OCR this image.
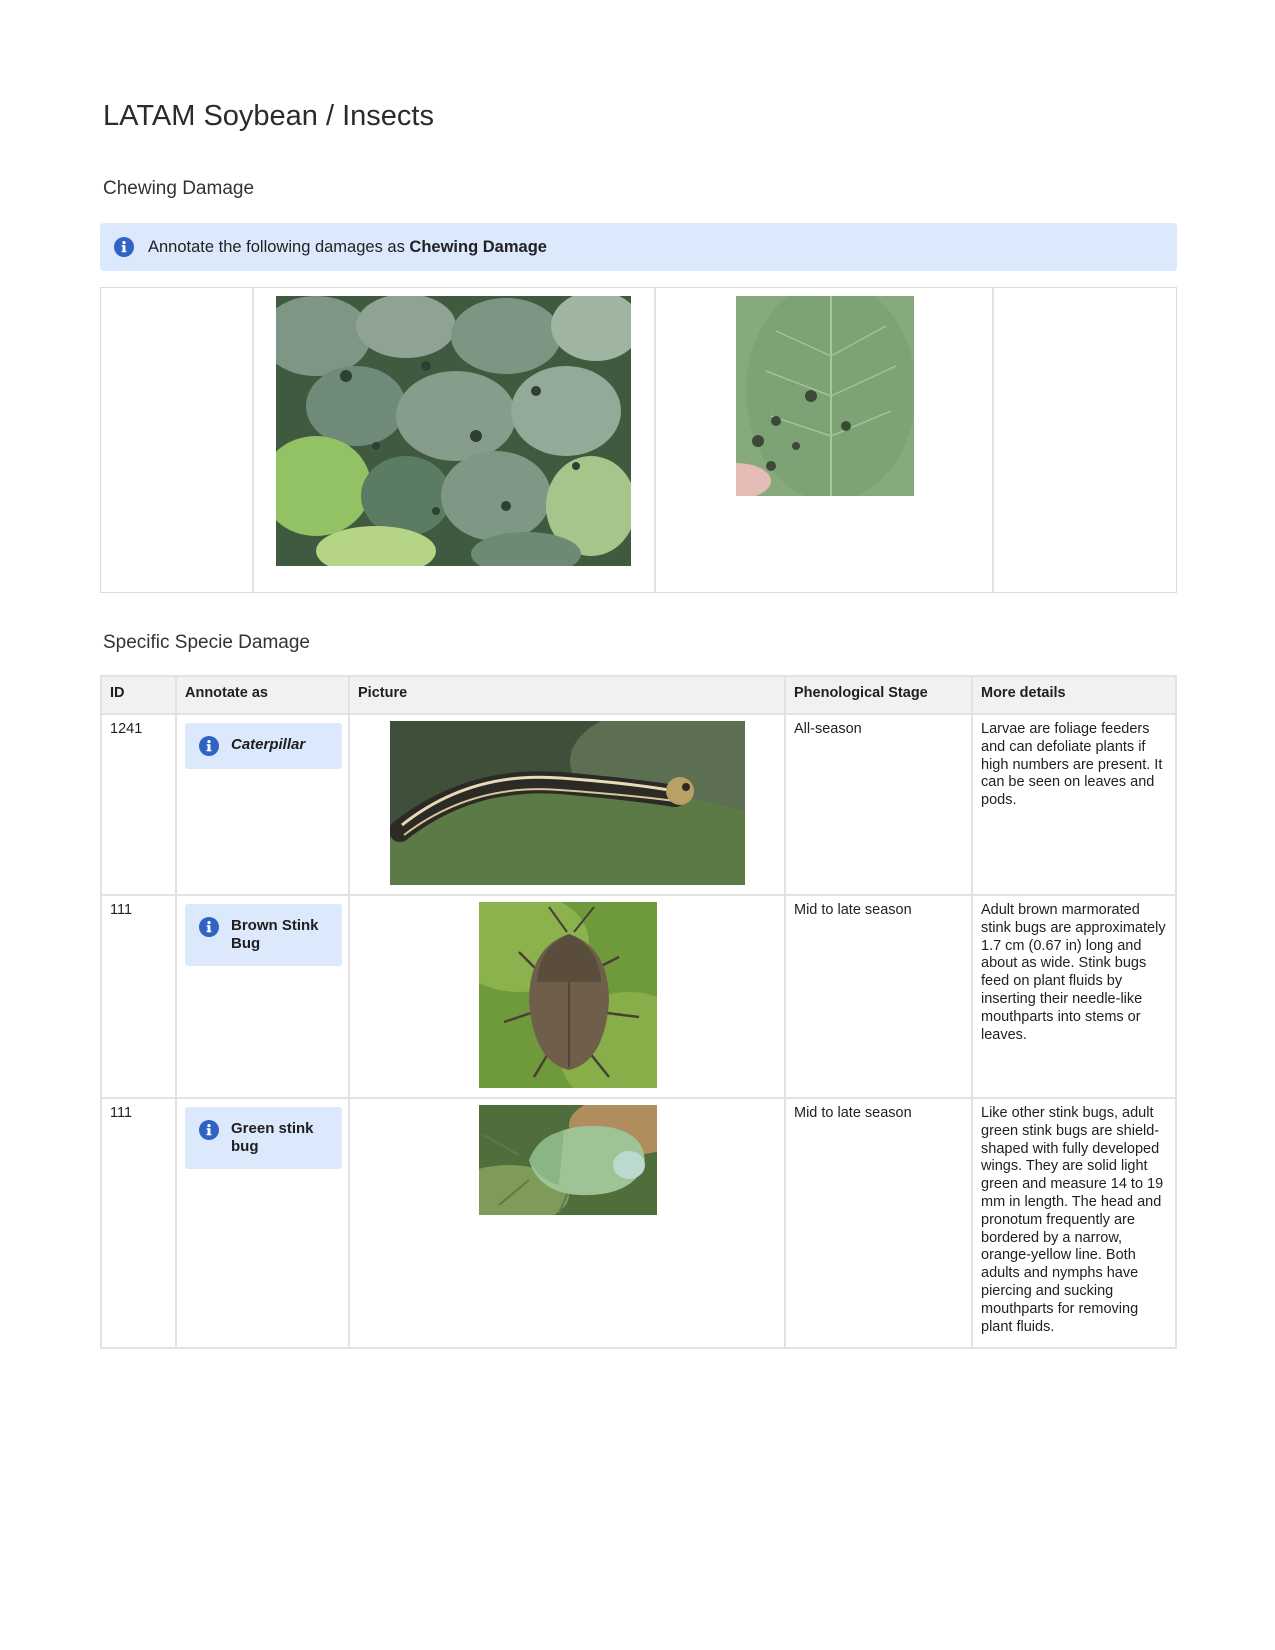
LATAM Soybean / Insects
Chewing Damage
Annotate the following damages as Chewing Damage
Specific Specie Damage
ID	Annotate as	Picture	Phenological Stage	More details
1241	Caterpillar		All-season	Larvae are foliage feeders and can defoliate plants if high numbers are present. It can be seen on leaves and pods.
111	Brown Stink Bug		Mid to late season	Adult brown marmorated stink bugs are approximately 1.7 cm (0.67 in) long and about as wide. Stink bugs feed on plant fluids by inserting their needle-like mouthparts into stems or leaves.
111	Green stink bug		Mid to late season	Like other stink bugs, adult green stink bugs are shield-shaped with fully developed wings. They are solid light green and measure 14 to 19 mm in length. The head and pronotum frequently are bordered by a narrow, orange-yellow line. Both adults and nymphs have piercing and sucking mouthparts for removing plant fluids.
